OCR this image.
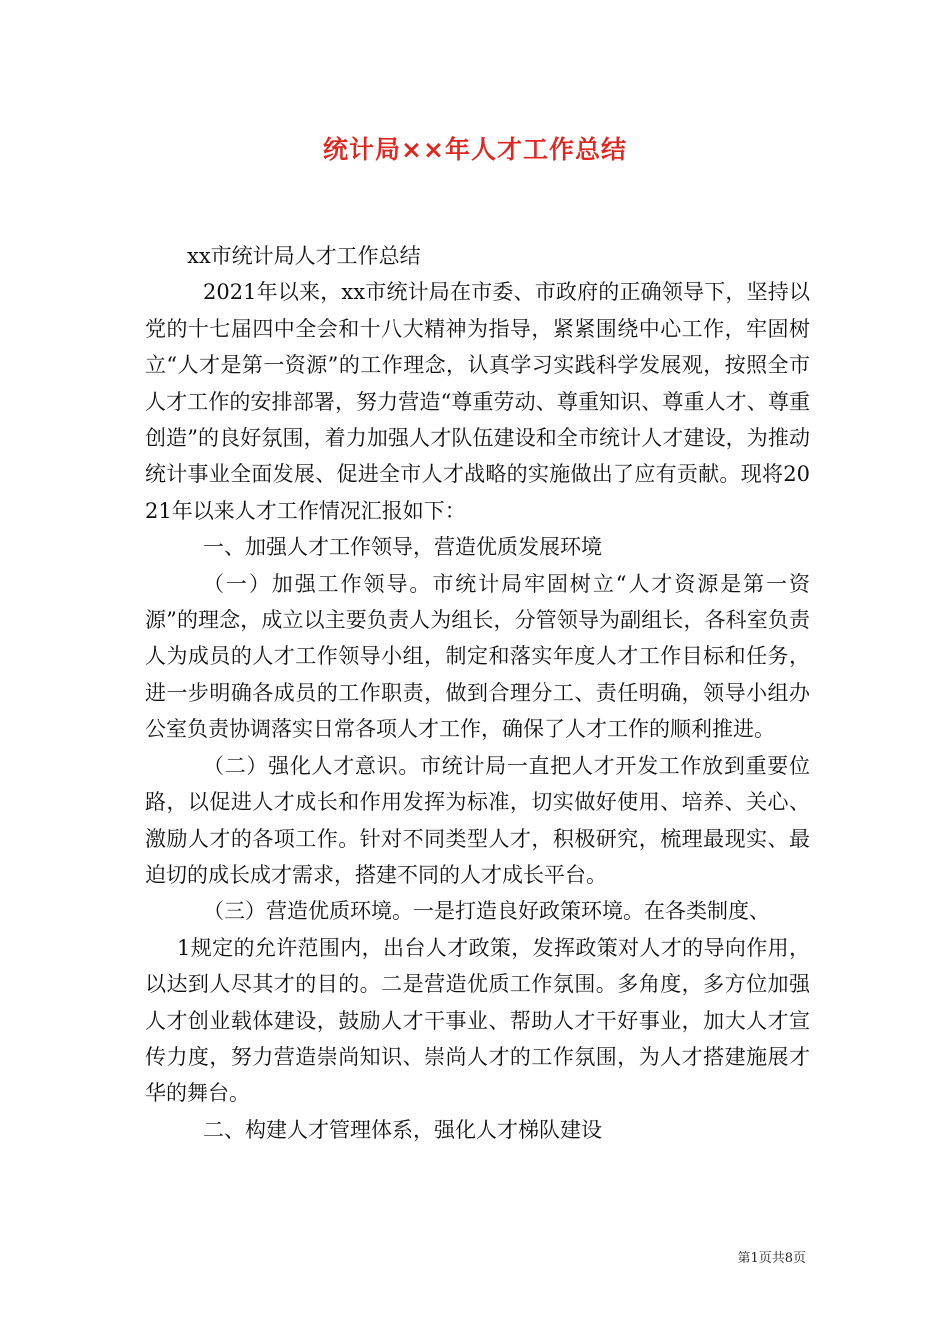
统计局××年人才工作总结

xx市统计局人才工作总结

2021年以来，xx市统计局在市委、市政府的正确领导下，坚持以党的十七届四中全会和十八大精神为指导，紧紧围绕中心工作，牢固树立“人才是第一资源”的工作理念，认真学习实践科学发展观，按照全市人才工作的安排部署，努力营造“尊重劳动、尊重知识、尊重人才、尊重创造”的良好氛围，着力加强人才队伍建设和全市统计人才建设，为推动统计事业全面发展、促进全市人才战略的实施做出了应有贡献。现将2021年以来人才工作情况汇报如下：

一、加强人才工作领导，营造优质发展环境

（一）加强工作领导。市统计局牢固树立“人才资源是第一资源”的理念，成立以主要负责人为组长，分管领导为副组长，各科室负责人为成员的人才工作领导小组，制定和落实年度人才工作目标和任务，进一步明确各成员的工作职责，做到合理分工、责任明确，领导小组办公室负责协调落实日常各项人才工作，确保了人才工作的顺利推进。

（二）强化人才意识。市统计局一直把人才开发工作放到重要位路，以促进人才成长和作用发挥为标准，切实做好使用、培养、关心、激励人才的各项工作。针对不同类型人才，积极研究，梳理最现实、最迫切的成长成才需求，搭建不同的人才成长平台。

（三）营造优质环境。一是打造良好政策环境。在各类制度、

1规定的允许范围内，出台人才政策，发挥政策对人才的导向作用，以达到人尽其才的目的。二是营造优质工作氛围。多角度，多方位加强人才创业载体建设，鼓励人才干事业、帮助人才干好事业，加大人才宣传力度，努力营造崇尚知识、崇尚人才的工作氛围，为人才搭建施展才华的舞台。

二、构建人才管理体系，强化人才梯队建设

第1页共8页
